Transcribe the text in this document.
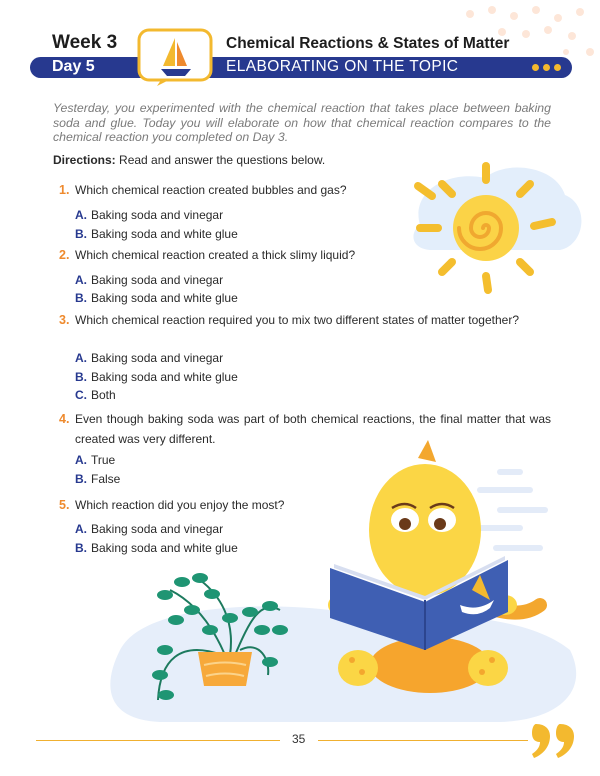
Week 3
Day 5
Chemical Reactions & States of Matter
ELABORATING ON THE TOPIC

Yesterday, you experimented with the chemical reaction that takes place between baking soda and glue. Today you will elaborate on how that chemical reaction compares to the chemical reaction you completed on Day 3.

Directions: Read and answer the questions below.
1. Which chemical reaction created bubbles and gas?
A. Baking soda and vinegar
B. Baking soda and white glue
2. Which chemical reaction created a thick slimy liquid?
A. Baking soda and vinegar
B. Baking soda and white glue
3. Which chemical reaction required you to mix two different states of matter together?
A. Baking soda and vinegar
B. Baking soda and white glue
C. Both
4. Even though baking soda was part of both chemical reactions, the final matter that was created was very different.
A. True
B. False
5. Which reaction did you enjoy the most?
A. Baking soda and vinegar
B. Baking soda and white glue
35
